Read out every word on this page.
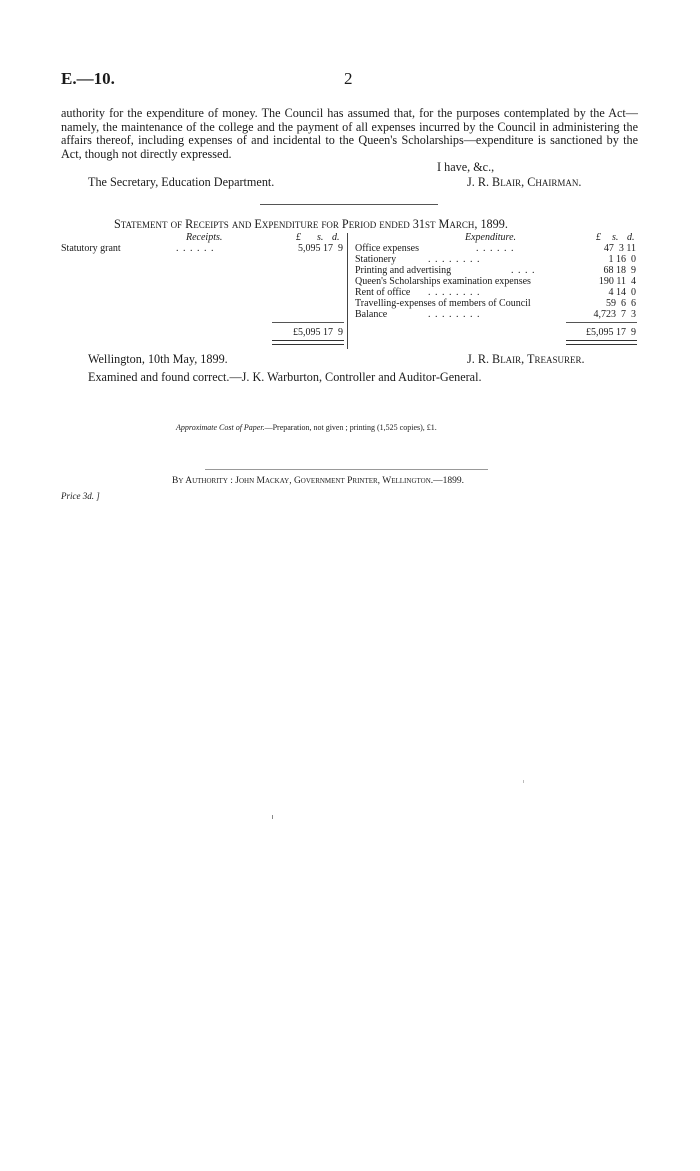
E.—10.	2
authority for the expenditure of money. The Council has assumed that, for the purposes contemplated by the Act—namely, the maintenance of the college and the payment of all expenses incurred by the Council in administering the affairs thereof, including expenses of and incidental to the Queen's Scholarships—expenditure is sanctioned by the Act, though not directly expressed.
I have, &c.,
The Secretary, Education Department.	J. R. Blair, Chairman.
Statement of Receipts and Expenditure for Period ended 31st March, 1899.
Receipts.	Expenditure.
£ s. d.	£ s. d.
Statutory grant	. . . . . .	5,095 17  9 Office expenses	. . . . . .	47  3 11
Stationery	. . . . . . . .	1 16  0
Printing and advertising	. . . .	68 18  9
Queen's Scholarships examination expenses	190 11  4
Rent of office . . . . . . . .	4 14  0
Travelling-expenses of members of Council	59  6  6
Balance	. . . . . . . .	4,723  7  3
£5,095 17  9	£5,095 17  9
Wellington, 10th May, 1899.	J. R. Blair, Treasurer.
Examined and found correct.—J. K. Warburton, Controller and Auditor-General.
Approximate Cost of Paper.—Preparation, not given ; printing (1,525 copies), £1.
By Authority : John Mackay, Government Printer, Wellington.—1899.
Price 3d. ]
